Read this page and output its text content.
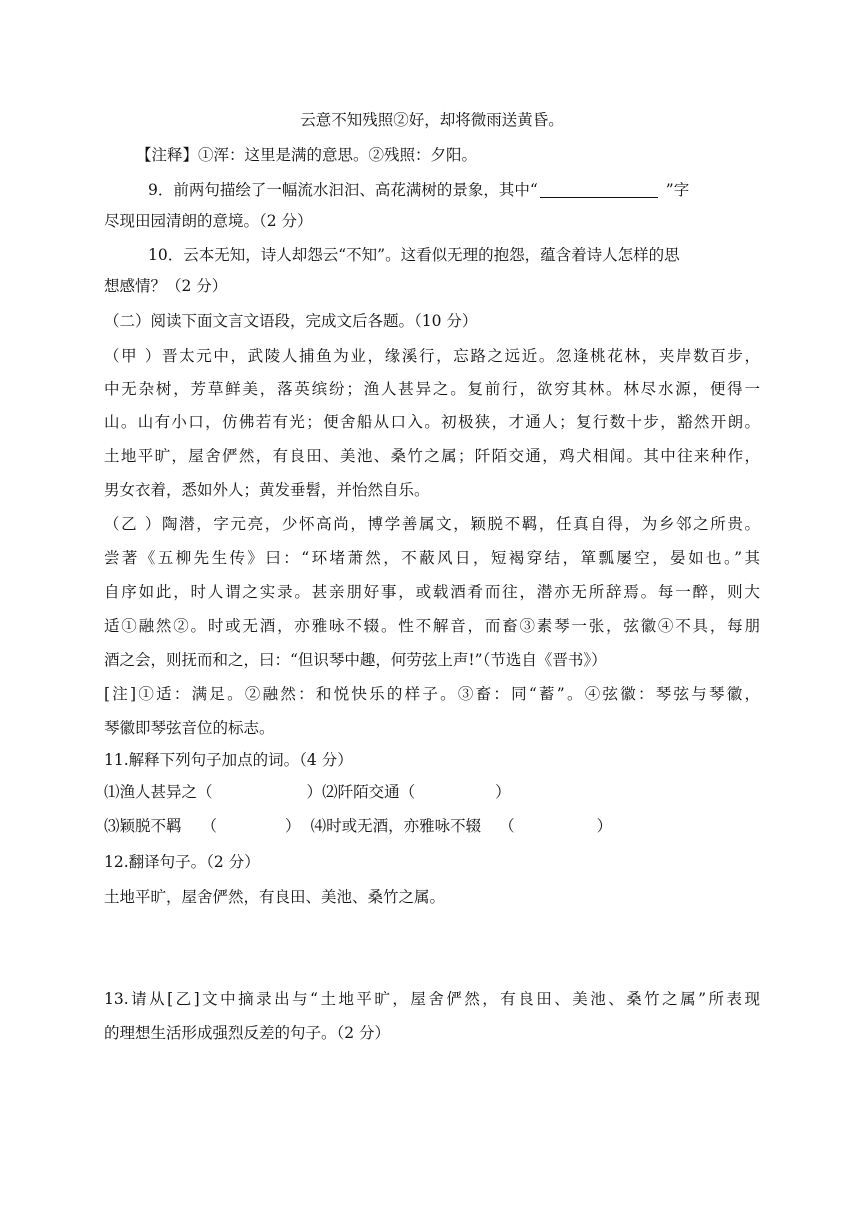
云意不知残照②好，却将微雨送黄昏。
【注释】①浑：这里是满的意思。②残照：夕阳。
9．前两句描绘了一幅流水汩汩、高花满树的景象，其中“	”字
尽现田园清朗的意境。（2 分）
10．云本无知，诗人却怨云“不知”。这看似无理的抱怨，蕴含着诗人怎样的思
想感情？（2 分）
（二）阅读下面文言文语段，完成文后各题。（10 分）
（甲 ）晋太元中，武陵人捕鱼为业，缘溪行，忘路之远近。忽逢桃花林，夹岸数百步，
中无杂树，芳草鲜美，落英缤纷；渔人甚异之。复前行，欲穷其林。林尽水源，便得一
山。山有小口，仿佛若有光；便舍船从口入。初极狭，才通人；复行数十步，豁然开朗。
土地平旷，屋舍俨然，有良田、美池、桑竹之属；阡陌交通，鸡犬相闻。其中往来种作，
男女衣着，悉如外人；黄发垂髫，并怡然自乐。
（乙 ）陶潜，字元亮，少怀高尚，博学善属文，颖脱不羁，任真自得，为乡邻之所贵。
尝著《五柳先生传》曰：“环堵萧然，不蔽风日，短褐穿结，箪瓢屡空，晏如也。”其
自序如此，时人谓之实录。甚亲朋好事，或载酒肴而往，潜亦无所辞焉。每一醉，则大
适①融然②。时或无酒，亦雅咏不辍。性不解音，而畜③素琴一张，弦徽④不具，每朋
酒之会，则抚而和之，曰：“但识琴中趣，何劳弦上声!”（节选自《晋书》）
[注]①适：满足。②融然：和悦快乐的样子。③畜：同“蓄”。④弦徽：琴弦与琴徽，
琴徽即琴弦音位的标志。
11.解释下列句子加点的词。（4 分）
⑴渔人甚异之（	）⑵阡陌交通（	）
⑶颖脱不羁 （	） ⑷时或无酒，亦雅咏不辍 （	）
12.翻译句子。（2 分）
土地平旷，屋舍俨然，有良田、美池、桑竹之属。
13.请从[乙]文中摘录出与“土地平旷，屋舍俨然，有良田、美池、桑竹之属”所表现
的理想生活形成强烈反差的句子。（2 分）
